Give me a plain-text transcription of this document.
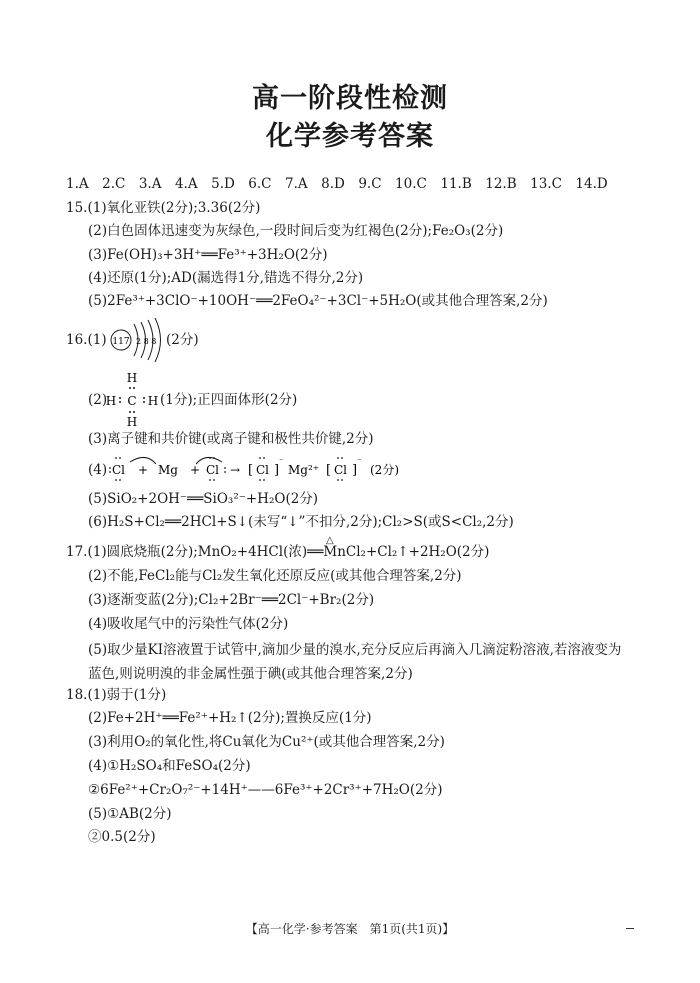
高一阶段性检测
化学参考答案
1.A　2.C　3.A　4.A　5.D　6.C　7.A　8.D　9.C　10.C　11.B　12.B　13.C　14.D
15.(1)氧化亚铁(2分);3.36(2分)
(2)白色固体迅速变为灰绿色,一段时间后变为红褐色(2分);Fe₂O₃(2分)
(3)Fe(OH)₃+3H⁺══Fe³⁺+3H₂O(2分)
(4)还原(1分);AD(漏选得1分,错选不得分,2分)
(5)2Fe³⁺+3ClO⁻+10OH⁻══2FeO₄²⁻+3Cl⁻+5H₂O(或其他合理答案,2分)
16.(1) 117 2 8 8 (2分)
(2)
H
H C H
H
(1分);正四面体形(2分)
(3)离子键和共价键(或离子键和极性共价键,2分)
(4) Cl + Mg + Cl → [ Cl ]
⁻
Mg²⁺ [ Cl ]
⁻
(2分)
(5)SiO₂+2OH⁻══SiO₃²⁻+H₂O(2分)
(6)H₂S+Cl₂══2HCl+S↓(未写“↓”不扣分,2分);Cl₂>S(或S<Cl₂,2分)
17.(1)圆底烧瓶(2分);MnO₂+4HCl(浓)══MnCl₂+Cl₂↑+2H₂O(2分)
△
(2)不能,FeCl₂能与Cl₂发生氧化还原反应(或其他合理答案,2分)
(3)逐渐变蓝(2分);Cl₂+2Br⁻══2Cl⁻+Br₂(2分)
(4)吸收尾气中的污染性气体(2分)
(5)取少量KI溶液置于试管中,滴加少量的溴水,充分反应后再滴入几滴淀粉溶液,若溶液变为蓝色,则说明溴的非金属性强于碘(或其他合理答案,2分)
18.(1)弱于(1分)
(2)Fe+2H⁺══Fe²⁺+H₂↑(2分);置换反应(1分)
(3)利用O₂的氧化性,将Cu氧化为Cu²⁺(或其他合理答案,2分)
(4)①H₂SO₄和FeSO₄(2分)
②6Fe²⁺+Cr₂O₇²⁻+14H⁺——6Fe³⁺+2Cr³⁺+7H₂O(2分)
(5)①AB(2分)
②0.5(2分)
【高一化学·参考答案　第1页(共1页)】
